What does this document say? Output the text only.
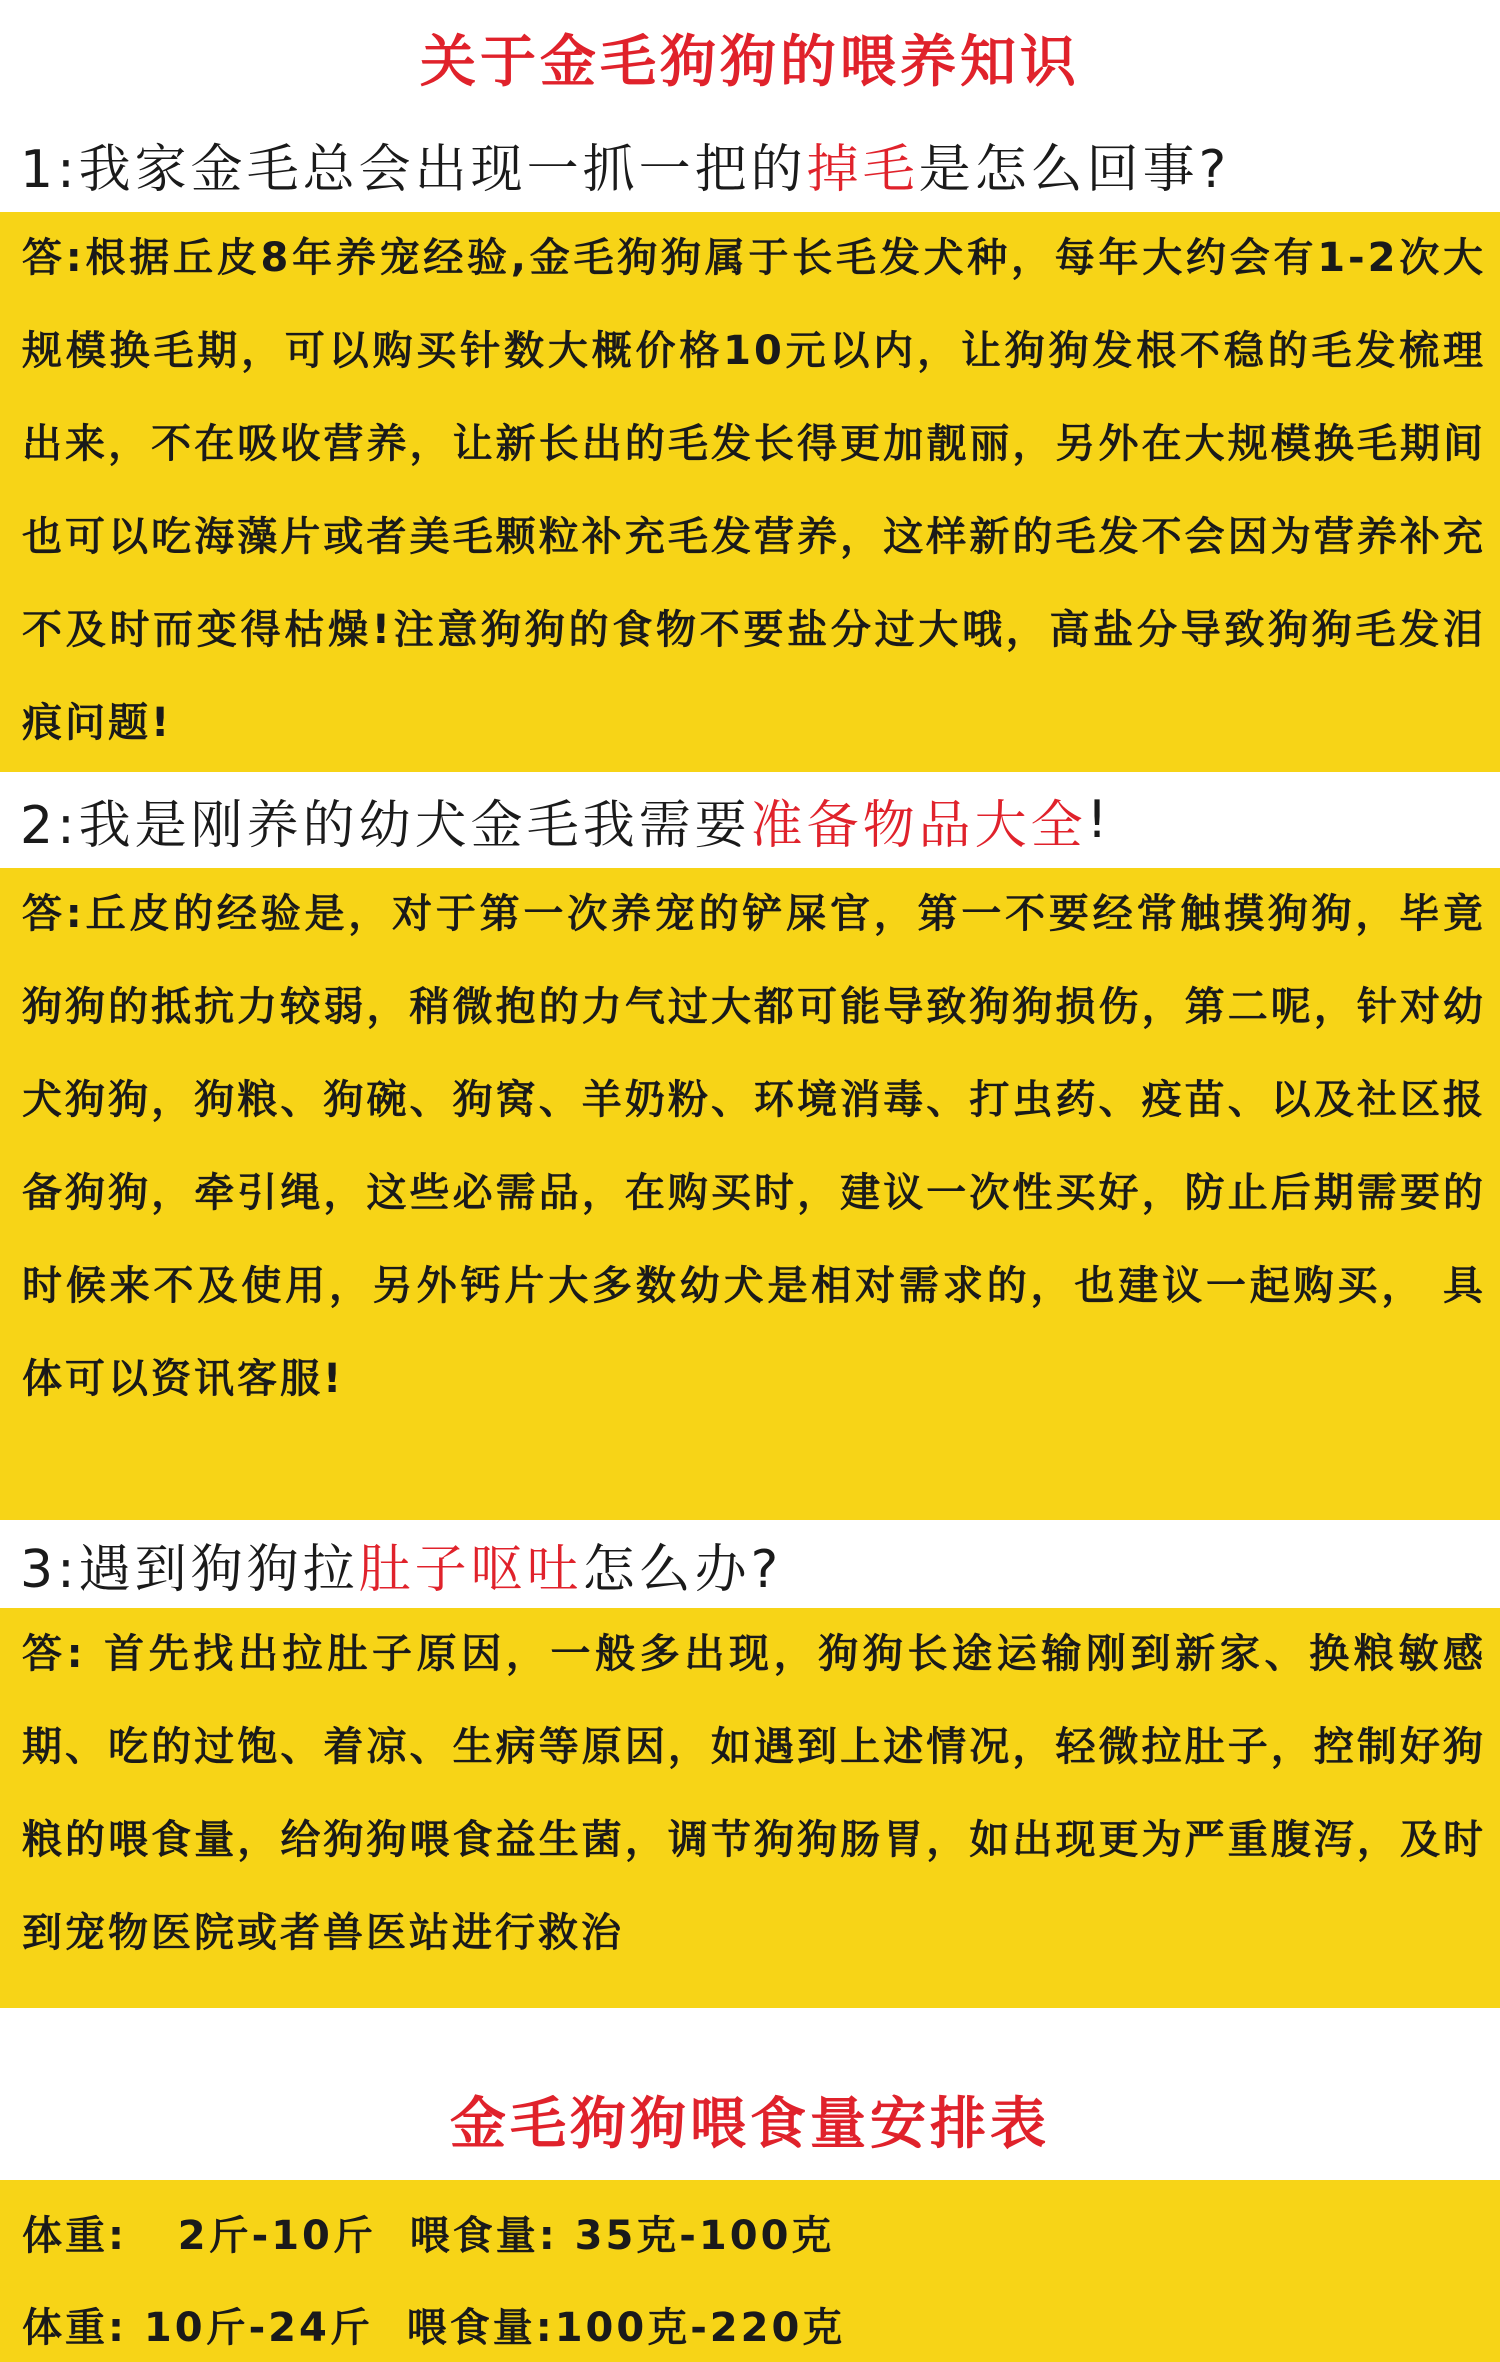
关于金毛狗狗的喂养知识
1:我家金毛总会出现一抓一把的 掉毛 是怎么回事?
答:根据丘皮8年养宠经验,金毛狗狗属于长毛发犬种，每年大约会有1-2次大规模换毛期，可以购买针数大概价格10元以内，让狗狗发根不稳的毛发梳理出来，不在吸收营养，让新长出的毛发长得更加靓丽，另外在大规模换毛期间也可以吃海藻片或者美毛颗粒补充毛发营养，这样新的毛发不会因为营养补充不及时而变得枯燥!注意狗狗的食物不要盐分过大哦，高盐分导致狗狗毛发泪痕问题!
2:我是刚养的幼犬金毛我需要 准备物品大全 !
答:丘皮的经验是，对于第一次养宠的铲屎官，第一不要经常触摸狗狗，毕竟狗狗的抵抗力较弱，稍微抱的力气过大都可能导致狗狗损伤，第二呢，针对幼犬狗狗，狗粮、狗碗、狗窝、羊奶粉、环境消毒、打虫药、疫苗、以及社区报备狗狗，牵引绳，这些必需品，在购买时，建议一次性买好，防止后期需要的时候来不及使用，另外钙片大多数幼犬是相对需求的，也建议一起购买， 具体可以资讯客服!
3:遇到狗狗拉 肚子呕吐 怎么办?
答: 首先找出拉肚子原因，一般多出现，狗狗长途运输刚到新家、换粮敏感期、吃的过饱、着凉、生病等原因，如遇到上述情况，轻微拉肚子，控制好狗粮的喂食量，给狗狗喂食益生菌，调节狗狗肠胃，如出现更为严重腹泻，及时到宠物医院或者兽医站进行救治
金毛狗狗喂食量安排表
体重:   2斤-10斤  喂食量: 35克-100克
体重: 10斤-24斤  喂食量:100克-220克
